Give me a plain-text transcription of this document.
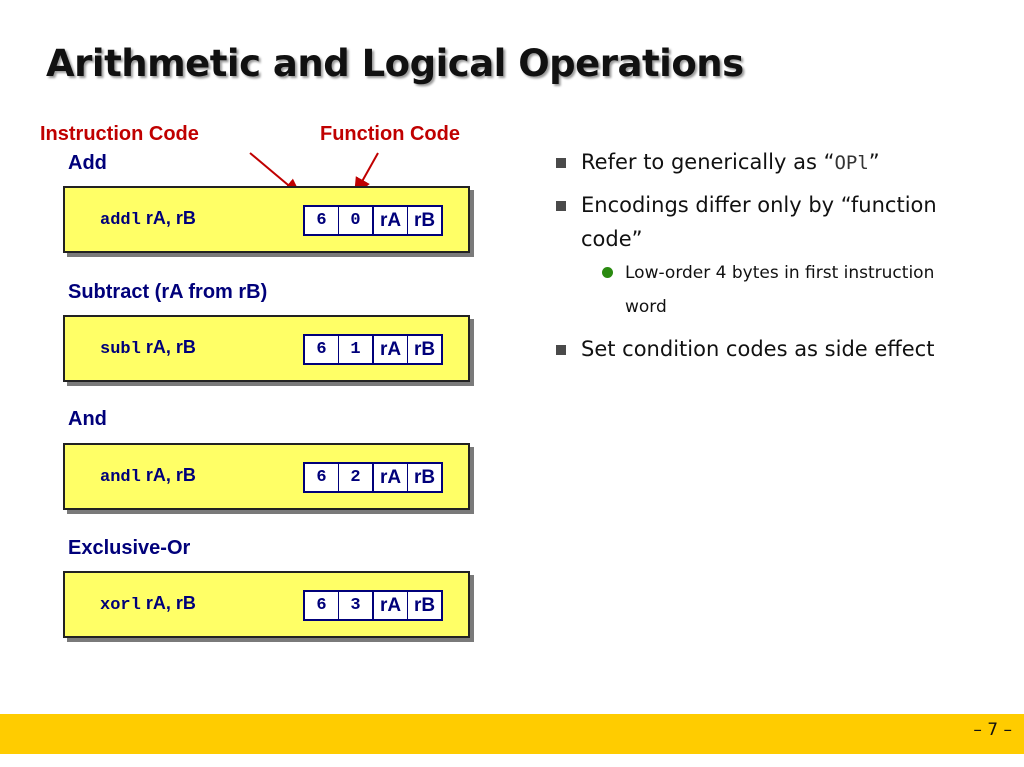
Arithmetic and Logical Operations
Instruction Code	Function Code
Add
addl rA, rB	6	0	rA rB
Subtract (rA from rB)
subl rA, rB	6	1	rA rB
And
andl rA, rB	6	2	rA rB
Exclusive-Or
xorl rA, rB	6	3	rA rB
Refer to generically as “OPl”
Encodings differ only by “function code”
Low-order 4 bytes in first instruction word
Set condition codes as side effect
– 7 –
